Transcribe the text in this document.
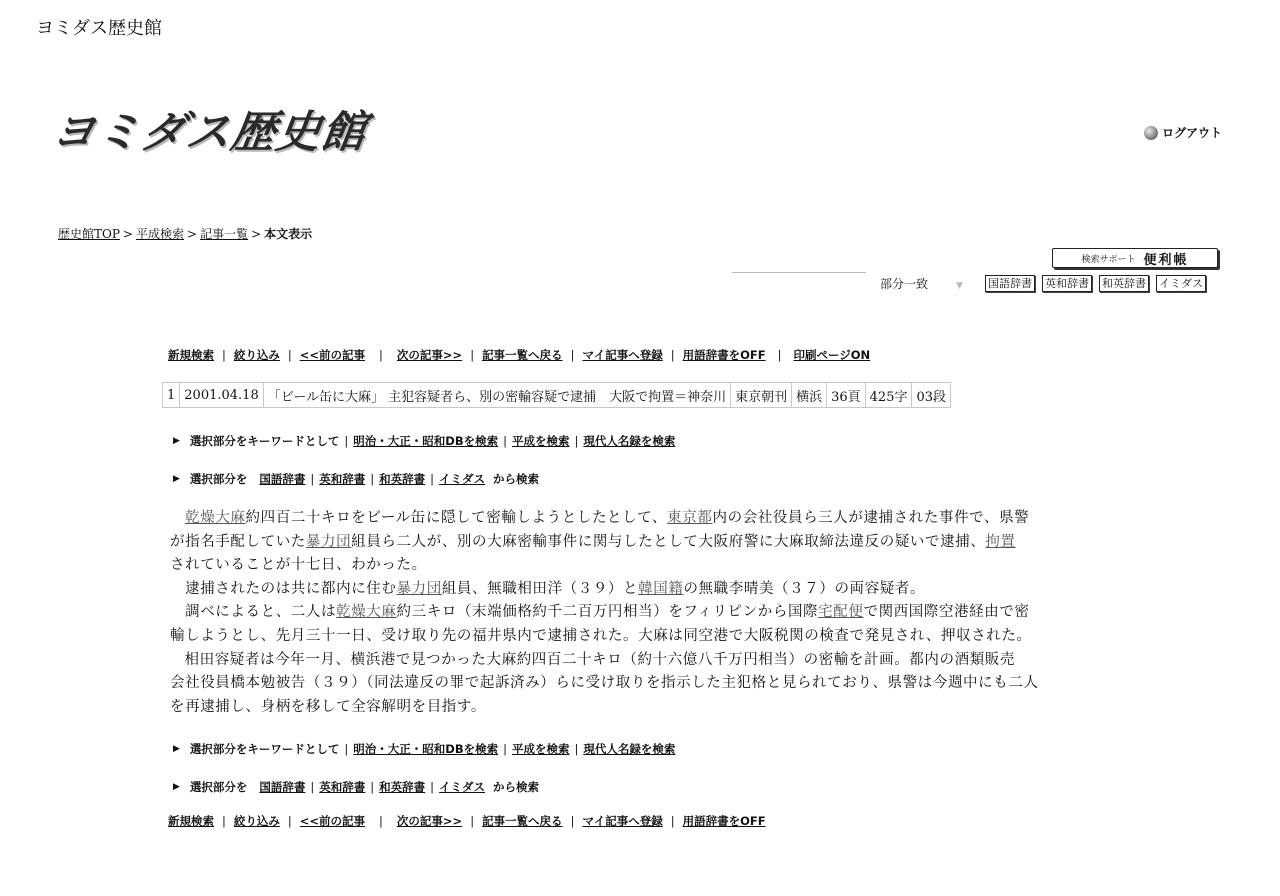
ヨミダス歴史館
ヨミダス歴史館	ログアウト
歴史館TOP > 平成検索 > 記事一覧 > 本文表示
検索サポート 便利帳
部分一致	▼ 国語辞書 英和辞書 和英辞書 イミダス
新規検索 | 絞り込み | <<前の記事 | 次の記事>> | 記事一覧へ戻る | マイ記事へ登録 | 用語辞書をOFF | 印刷ページON
1	2001.04.18	「ビール缶に大麻」 主犯容疑者ら、別の密輸容疑で逮捕　大阪で拘置＝神奈川	東京朝刊	横浜	36頁	425字	03段
▶ 選択部分をキーワードとして | 明治・大正・昭和DBを検索 | 平成を検索 | 現代人名録を検索
▶ 選択部分を 国語辞書 | 英和辞書 | 和英辞書 | イミダス から検索

　乾燥大麻約四百二十キロをビール缶に隠して密輸しようとしたとして、東京都内の会社役員ら三人が逮捕された事件で、県警

が指名手配していた暴力団組員ら二人が、別の大麻密輸事件に関与したとして大阪府警に大麻取締法違反の疑いで逮捕、拘置

されていることが十七日、わかった。

　逮捕されたのは共に都内に住む暴力団組員、無職相田洋（３９）と韓国籍の無職李晴美（３７）の両容疑者。

　調べによると、二人は乾燥大麻約三キロ（末端価格約千二百万円相当）をフィリピンから国際宅配便で関西国際空港経由で密

輸しようとし、先月三十一日、受け取り先の福井県内で逮捕された。大麻は同空港で大阪税関の検査で発見され、押収された。

相田容疑者は今年一月、横浜港で見つかった大麻約四百二十キロ（約十六億八千万円相当）の密輸を計画。都内の酒類販売

会社役員橋本勉被告（３９）（同法違反の罪で起訴済み）らに受け取りを指示した主犯格と見られており、県警は今週中にも二人

を再逮捕し、身柄を移して全容解明を目指す。

▶ 選択部分をキーワードとして | 明治・大正・昭和DBを検索 | 平成を検索 | 現代人名録を検索
▶ 選択部分を 国語辞書 | 英和辞書 | 和英辞書 | イミダス から検索
新規検索 | 絞り込み | <<前の記事 | 次の記事>> | 記事一覧へ戻る | マイ記事へ登録 | 用語辞書をOFF
